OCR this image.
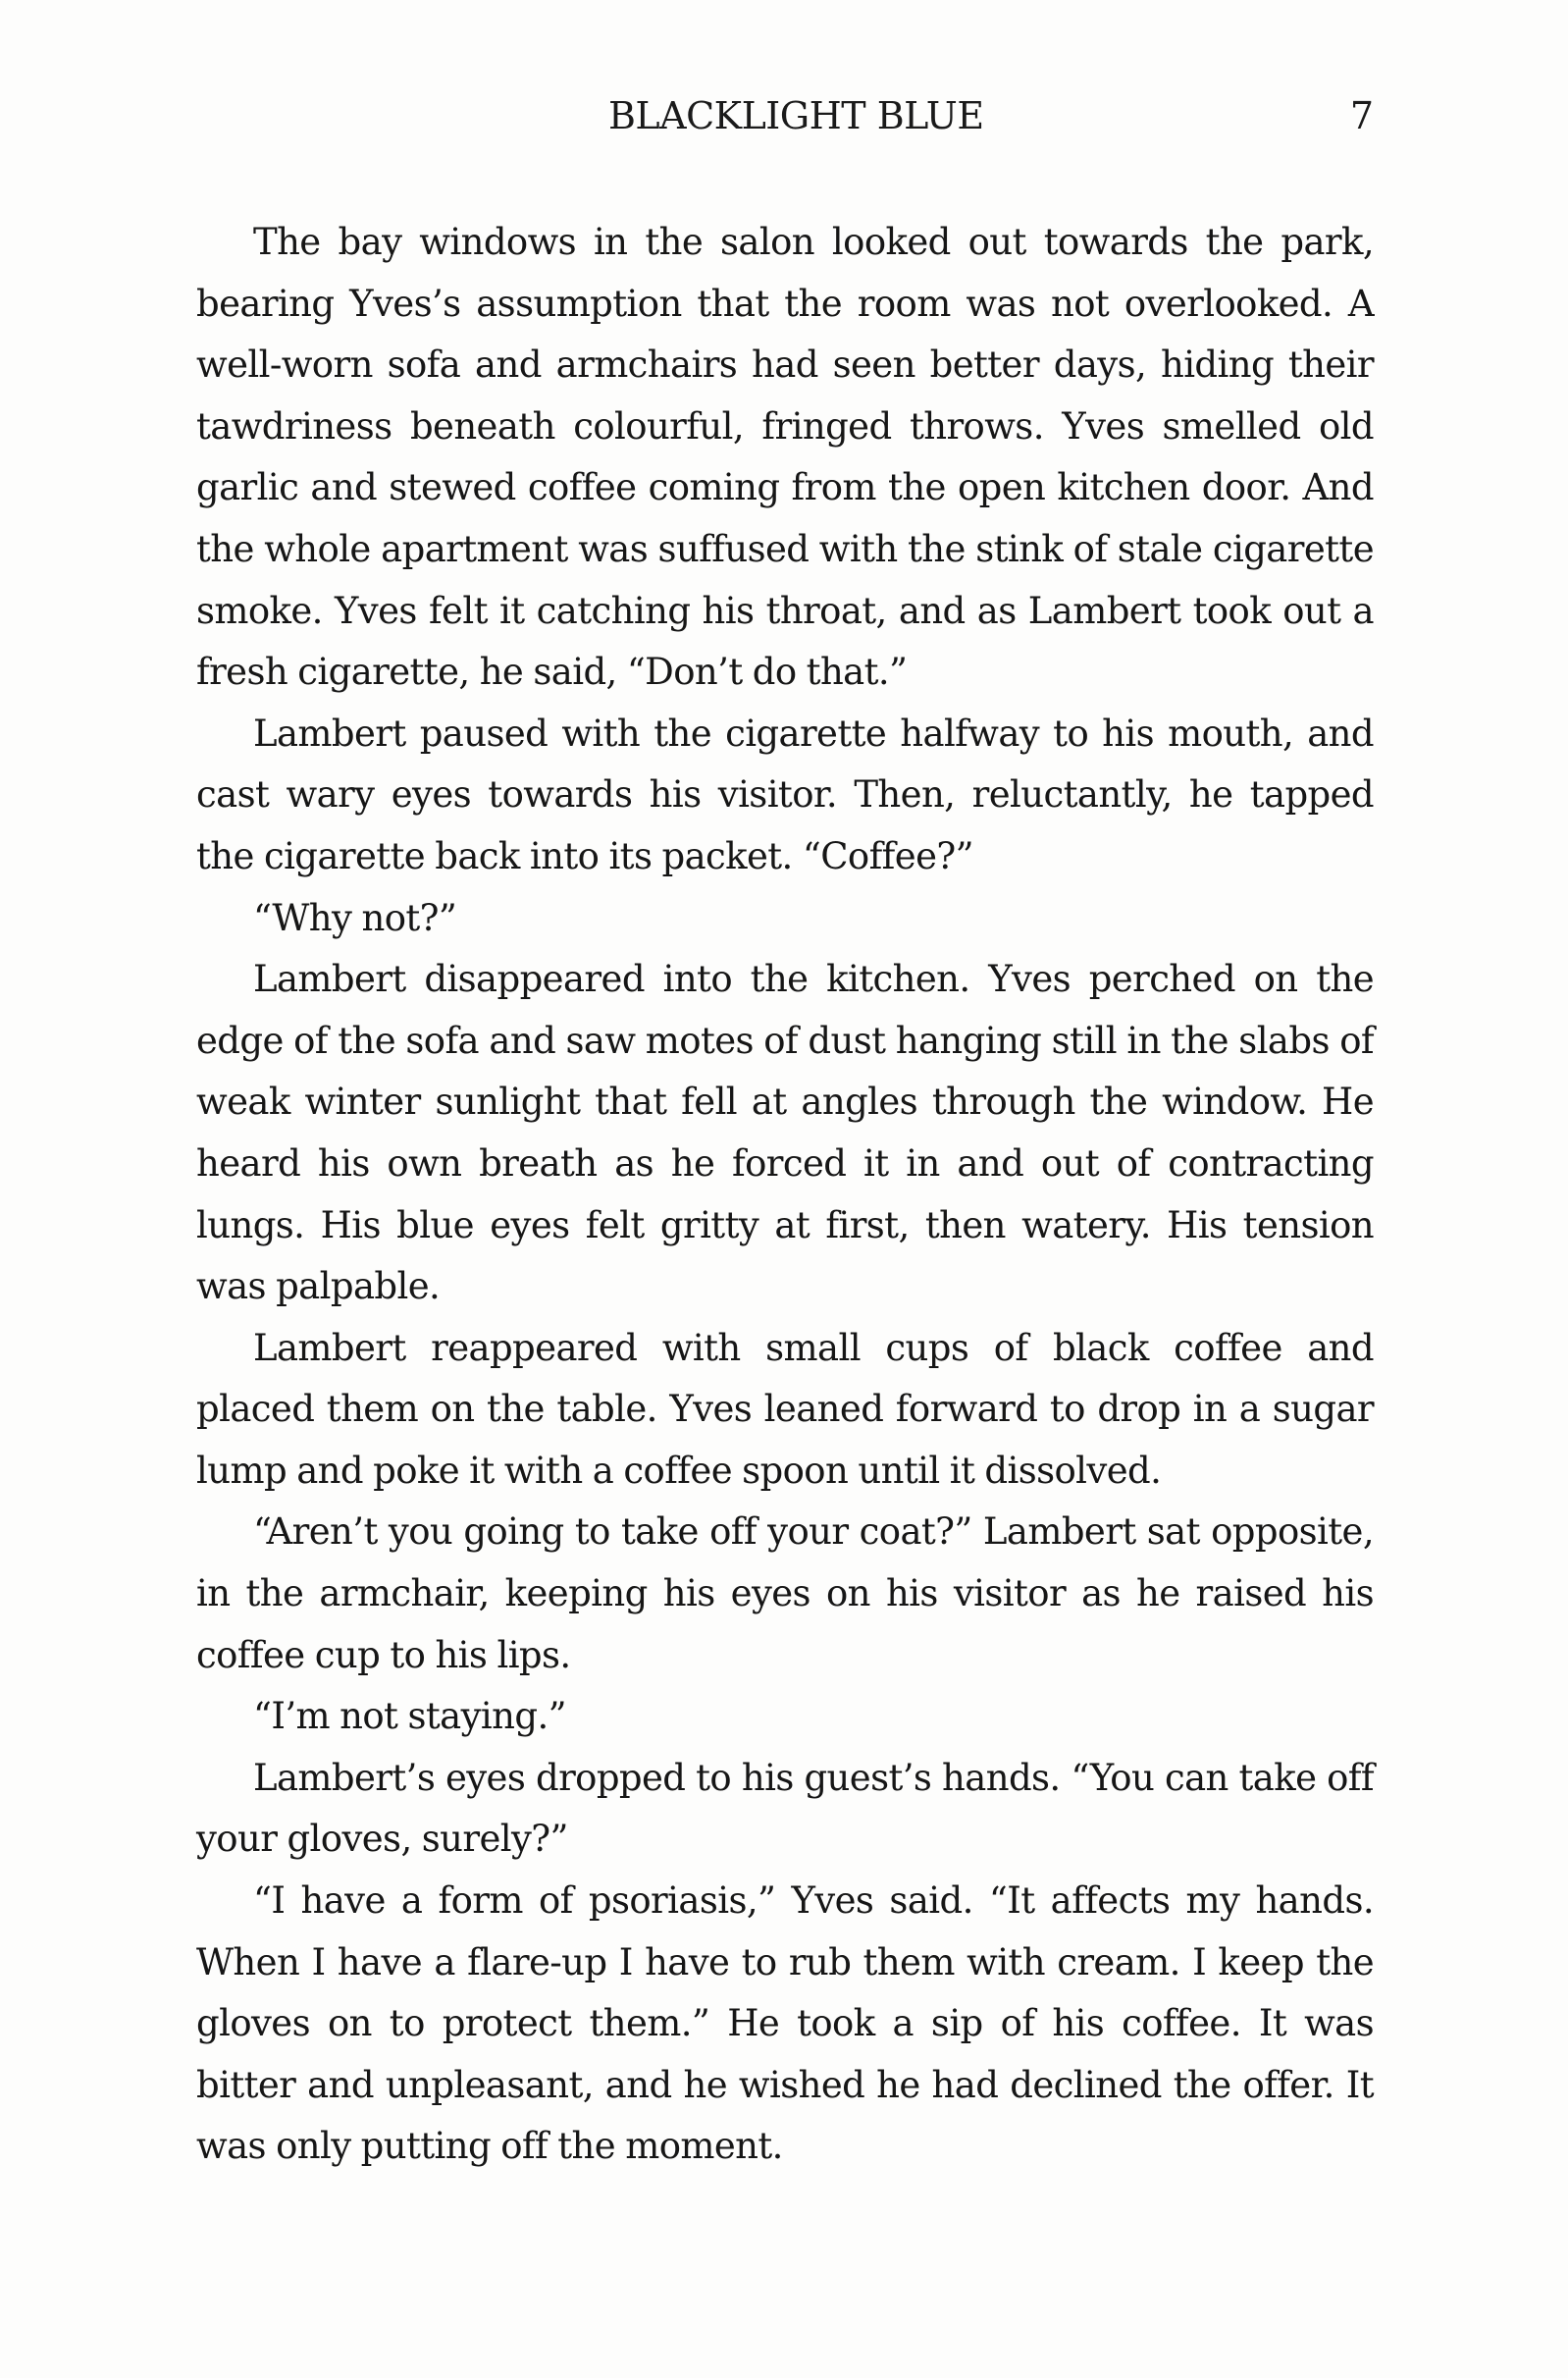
BLACKLIGHT BLUE	7

The bay windows in the salon looked out towards the park, bearing Yves’s assumption that the room was not overlooked. A well-worn sofa and armchairs had seen better days, hiding their tawdriness beneath colourful, fringed throws. Yves smelled old garlic and stewed coffee coming from the open kitchen door. And the whole apartment was suffused with the stink of stale cigarette smoke. Yves felt it catching his throat, and as Lambert took out a fresh cigarette, he said, “Don’t do that.”

Lambert paused with the cigarette halfway to his mouth, and cast wary eyes towards his visitor. Then, reluctantly, he tapped the cigarette back into its packet. “Coffee?”

“Why not?”

Lambert disappeared into the kitchen. Yves perched on the edge of the sofa and saw motes of dust hanging still in the slabs of weak winter sunlight that fell at angles through the window. He heard his own breath as he forced it in and out of contracting lungs. His blue eyes felt gritty at first, then watery. His tension was palpable.

Lambert reappeared with small cups of black coffee and placed them on the table. Yves leaned forward to drop in a sugar lump and poke it with a coffee spoon until it dissolved.

“Aren’t you going to take off your coat?” Lambert sat opposite, in the armchair, keeping his eyes on his visitor as he raised his coffee cup to his lips.

“I’m not staying.”

Lambert’s eyes dropped to his guest’s hands. “You can take off your gloves, surely?”

“I have a form of psoriasis,” Yves said. “It affects my hands. When I have a flare-up I have to rub them with cream. I keep the gloves on to protect them.” He took a sip of his coffee. It was bitter and unpleasant, and he wished he had declined the offer. It was only putting off the moment.
